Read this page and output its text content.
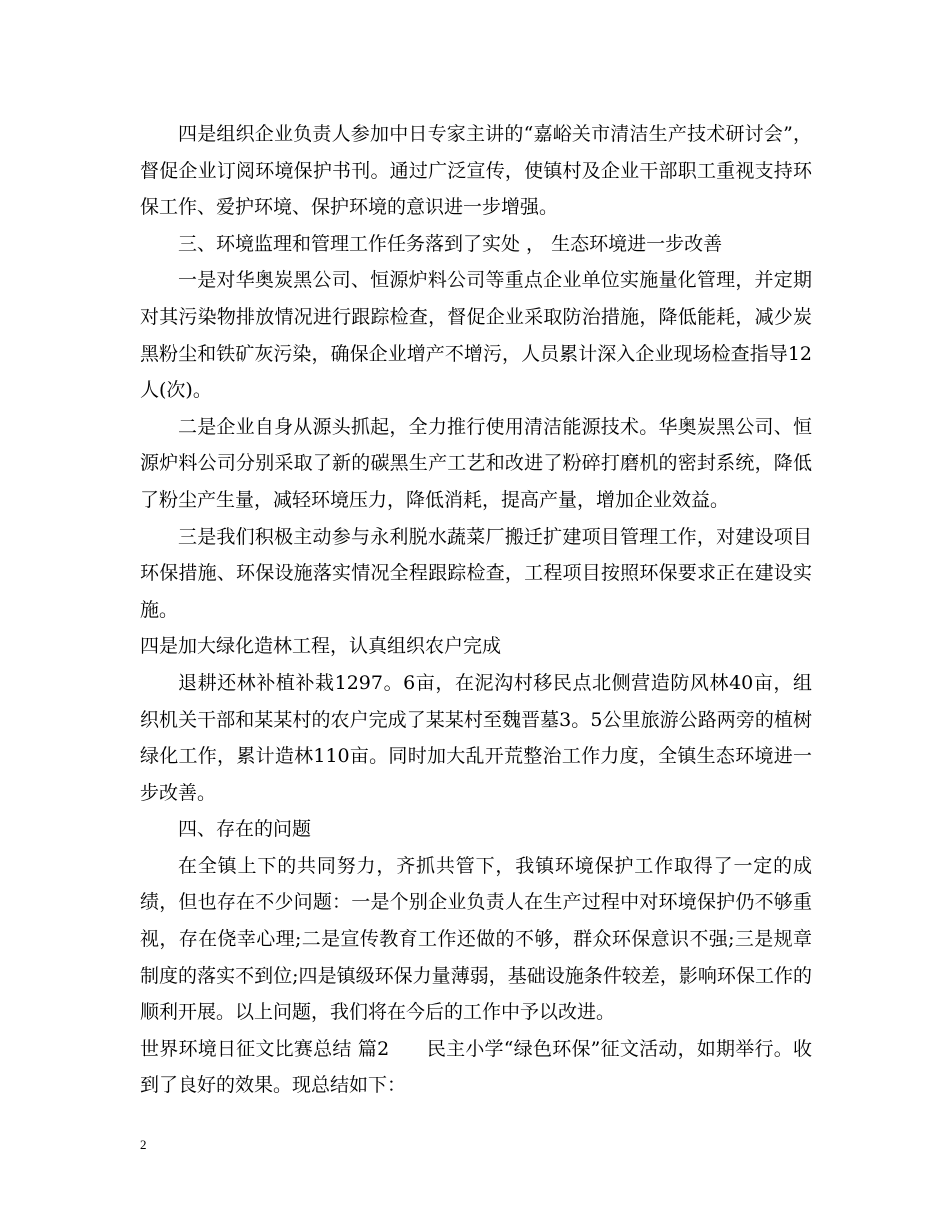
四是组织企业负责人参加中日专家主讲的“嘉峪关市清洁生产技术研讨会”，督促企业订阅环境保护书刊。通过广泛宣传，使镇村及企业干部职工重视支持环保工作、爱护环境、保护环境的意识进一步增强。

三、环境监理和管理工作任务落到了实处 ， 生态环境进一步改善

一是对华奥炭黑公司、恒源炉料公司等重点企业单位实施量化管理，并定期对其污染物排放情况进行跟踪检查，督促企业采取防治措施，降低能耗，减少炭黑粉尘和铁矿灰污染，确保企业增产不增污，人员累计深入企业现场检查指导12人(次)。

二是企业自身从源头抓起，全力推行使用清洁能源技术。华奥炭黑公司、恒源炉料公司分别采取了新的碳黑生产工艺和改进了粉碎打磨机的密封系统，降低了粉尘产生量，减轻环境压力，降低消耗，提高产量，增加企业效益。

三是我们积极主动参与永利脱水蔬菜厂搬迁扩建项目管理工作，对建设项目环保措施、环保设施落实情况全程跟踪检查，工程项目按照环保要求正在建设实施。

四是加大绿化造林工程，认真组织农户完成

退耕还林补植补栽1297。6亩，在泥沟村移民点北侧营造防风林40亩，组织机关干部和某某村的农户完成了某某村至魏晋墓3。5公里旅游公路两旁的植树绿化工作，累计造林110亩。同时加大乱开荒整治工作力度，全镇生态环境进一步改善。

四、存在的问题

在全镇上下的共同努力，齐抓共管下，我镇环境保护工作取得了一定的成绩，但也存在不少问题：一是个别企业负责人在生产过程中对环境保护仍不够重视，存在侥幸心理;二是宣传教育工作还做的不够，群众环保意识不强;三是规章制度的落实不到位;四是镇级环保力量薄弱，基础设施条件较差，影响环保工作的顺利开展。以上问题，我们将在今后的工作中予以改进。

世界环境日征文比赛总结 篇2 民主小学“绿色环保”征文活动，如期举行。收到了良好的效果。现总结如下：

2
